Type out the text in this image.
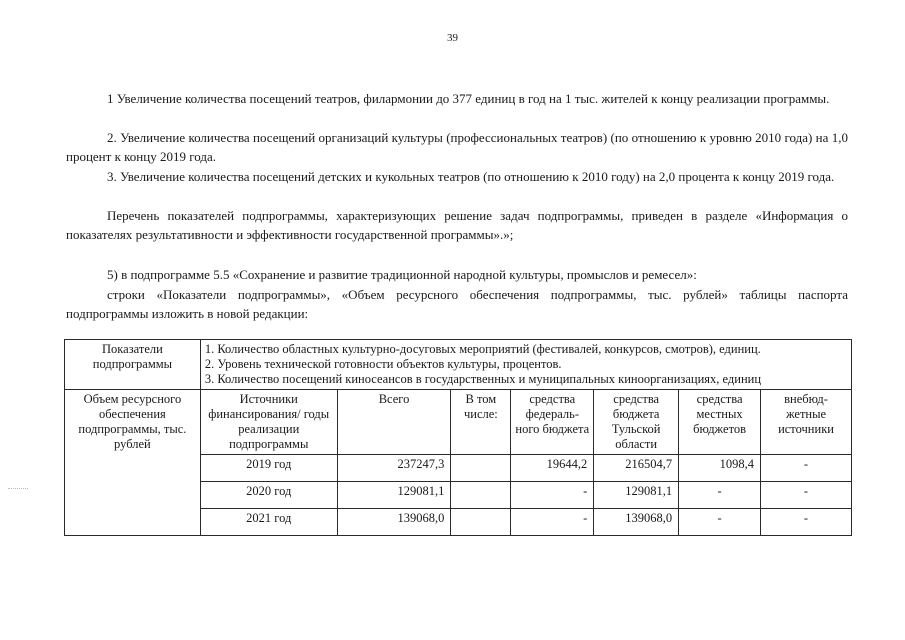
39
1 Увеличение количества посещений театров, филармонии до 377 единиц в год на 1 тыс. жителей к концу реализации программы.
2. Увеличение количества посещений организаций культуры (профессиональных театров) (по отношению к уровню 2010 года) на 1,0 процент к концу 2019 года.
3. Увеличение количества посещений детских и кукольных театров (по отношению к 2010 году) на 2,0 процента к концу 2019 года.
Перечень показателей подпрограммы, характеризующих решение задач подпрограммы, приведен в разделе «Информация о показателях результативности и эффективности государственной программы».»;
5) в подпрограмме 5.5 «Сохранение и развитие традиционной народной культуры, промыслов и ремесел»:
строки «Показатели подпрограммы», «Объем ресурсного обеспечения подпрограммы, тыс. рублей» таблицы паспорта подпрограммы изложить в новой редакции:
Показатели подпрограммы	1. Количество областных культурно-досуговых мероприятий (фестивалей, конкурсов, смотров), единиц.
2. Уровень технической готовности объектов культуры, процентов.
3. Количество посещений киносеансов в государственных и муниципальных киноорганизациях, единиц						

Объем ресурсного обеспечения подпрограммы, тыс. рублей	Источники финансирования/ годы реализации подпрограммы	Всего	В том числе:	средства федераль-ного бюджета	средства бюджета Тульской области	средства местных бюджетов	внебюд-жетные источники
	2019 год	237247,3		19644,2	216504,7	1098,4	-
	2020 год	129081,1		-	129081,1	-	-
	2021 год	139068,0		-	139068,0	-	-
